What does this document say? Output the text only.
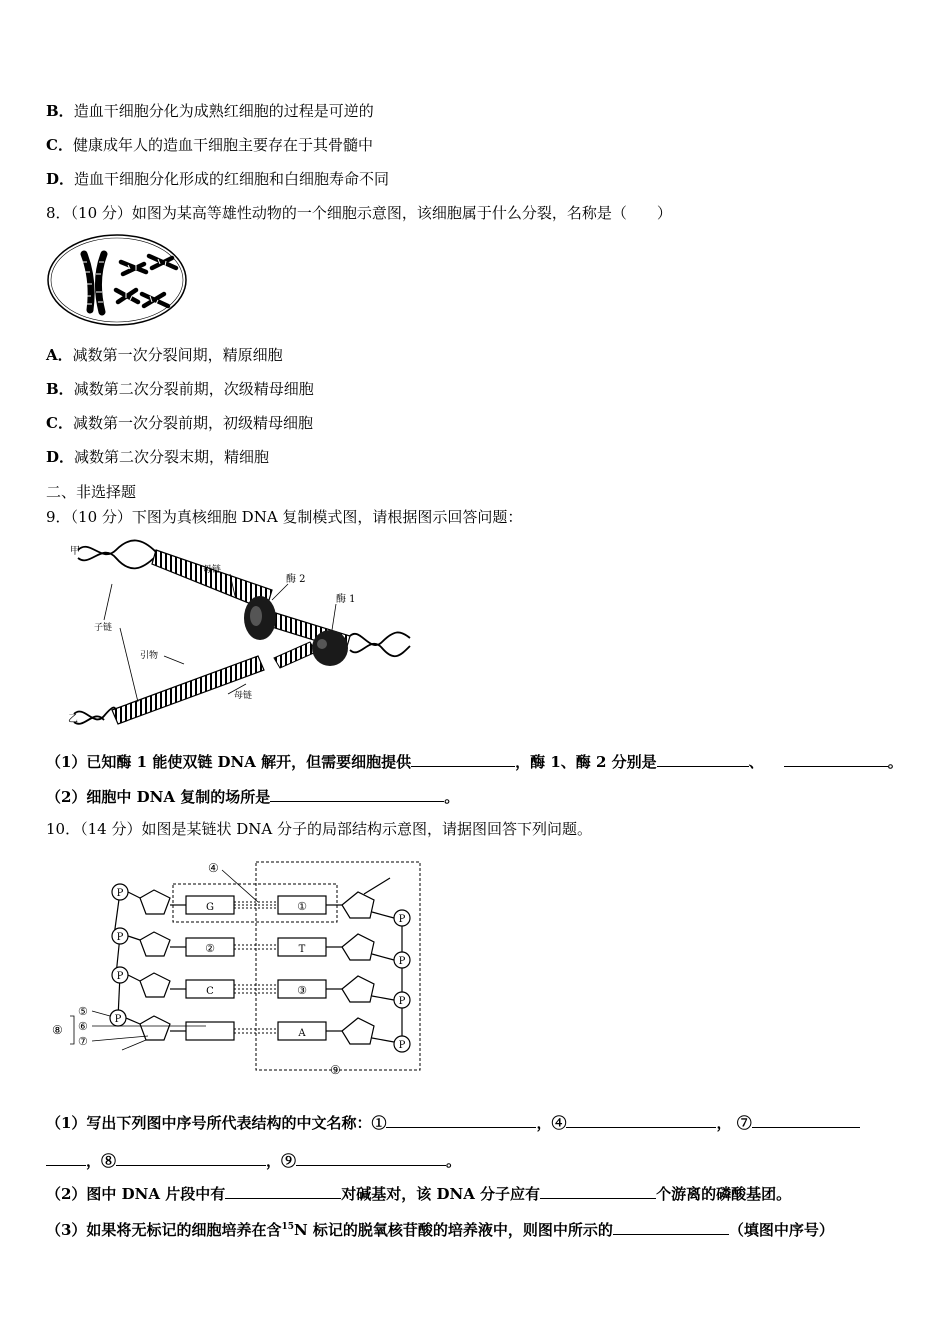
B．造血干细胞分化为成熟红细胞的过程是可逆的
C．健康成年人的造血干细胞主要存在于其骨髓中
D．造血干细胞分化形成的红细胞和白细胞寿命不同
8．（10 分）如图为某高等雄性动物的一个细胞示意图，该细胞属于什么分裂，名称是（　　）
A．减数第一次分裂间期，精原细胞
B．减数第二次分裂前期，次级精母细胞
C．减数第一次分裂前期，初级精母细胞
D．减数第二次分裂末期，精细胞
二、非选择题
9．（10 分）下图为真核细胞 DNA 复制模式图，请根据图示回答问题：
甲
乙
母链
母链
子链
引物
酶 2
酶 1
（1）已知酶 1 能使双链 DNA 解开，但需要细胞提供	，酶 1、酶 2 分别是	、	。
（2）细胞中 DNA 复制的场所是	。
10．（14 分）如图是某链状 DNA 分子的局部结构示意图，请据图回答下列问题。
P
G
P
②
P
C
P
①
P
T
P
③
P
A
P
④
⑤
⑥
⑦
⑧
⑨
（1）写出下列图中序号所代表结构的中文名称：①	，④	， ⑦
，⑧	，⑨	。
（2）图中 DNA 片段中有	对碱基对，该 DNA 分子应有	个游离的磷酸基团。
（3）如果将无标记的细胞培养在含$^{15}$N 标记的脱氧核苷酸的培养液中，则图中所示的	（填图中序号）
